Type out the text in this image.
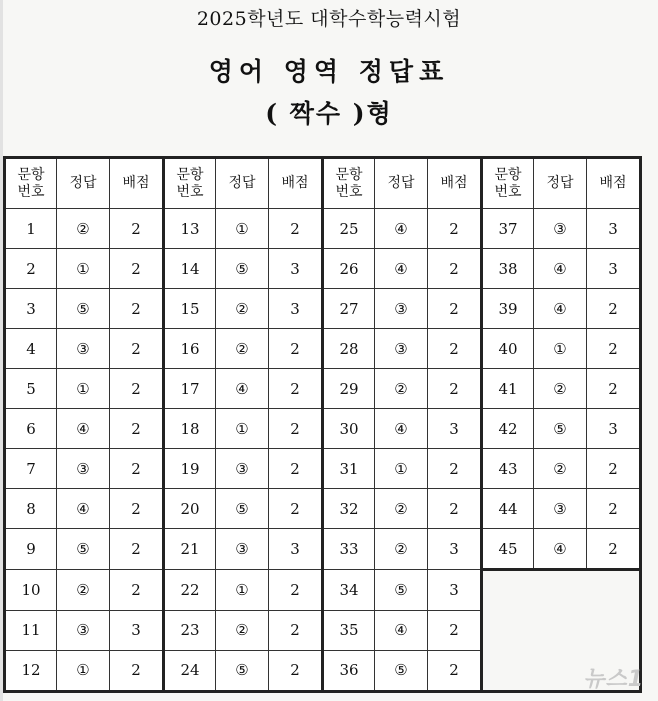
2025학년도 대학수학능력시험
영어 영역 정답표
( 짝수 )형
문항
번호	정답	배점	문항
번호	정답	배점	문항
번호	정답	배점	문항
번호	정답	배점
1	②	2	13	①	2	25	④	2	37	③	3
2	①	2	14	⑤	3	26	④	2	38	④	3
3	⑤	2	15	②	3	27	③	2	39	④	2
4	③	2	16	②	2	28	③	2	40	①	2
5	①	2	17	④	2	29	②	2	41	②	2
6	④	2	18	①	2	30	④	3	42	⑤	3
7	③	2	19	③	2	31	①	2	43	②	2
8	④	2	20	⑤	2	32	②	2	44	③	2
9	⑤	2	21	③	3	33	②	3	45	④	2
10	②	2	22	①	2	34	⑤	3			
11	③	3	23	②	2	35	④	2			
12	①	2	24	⑤	2	36	⑤	2				뉴스1
